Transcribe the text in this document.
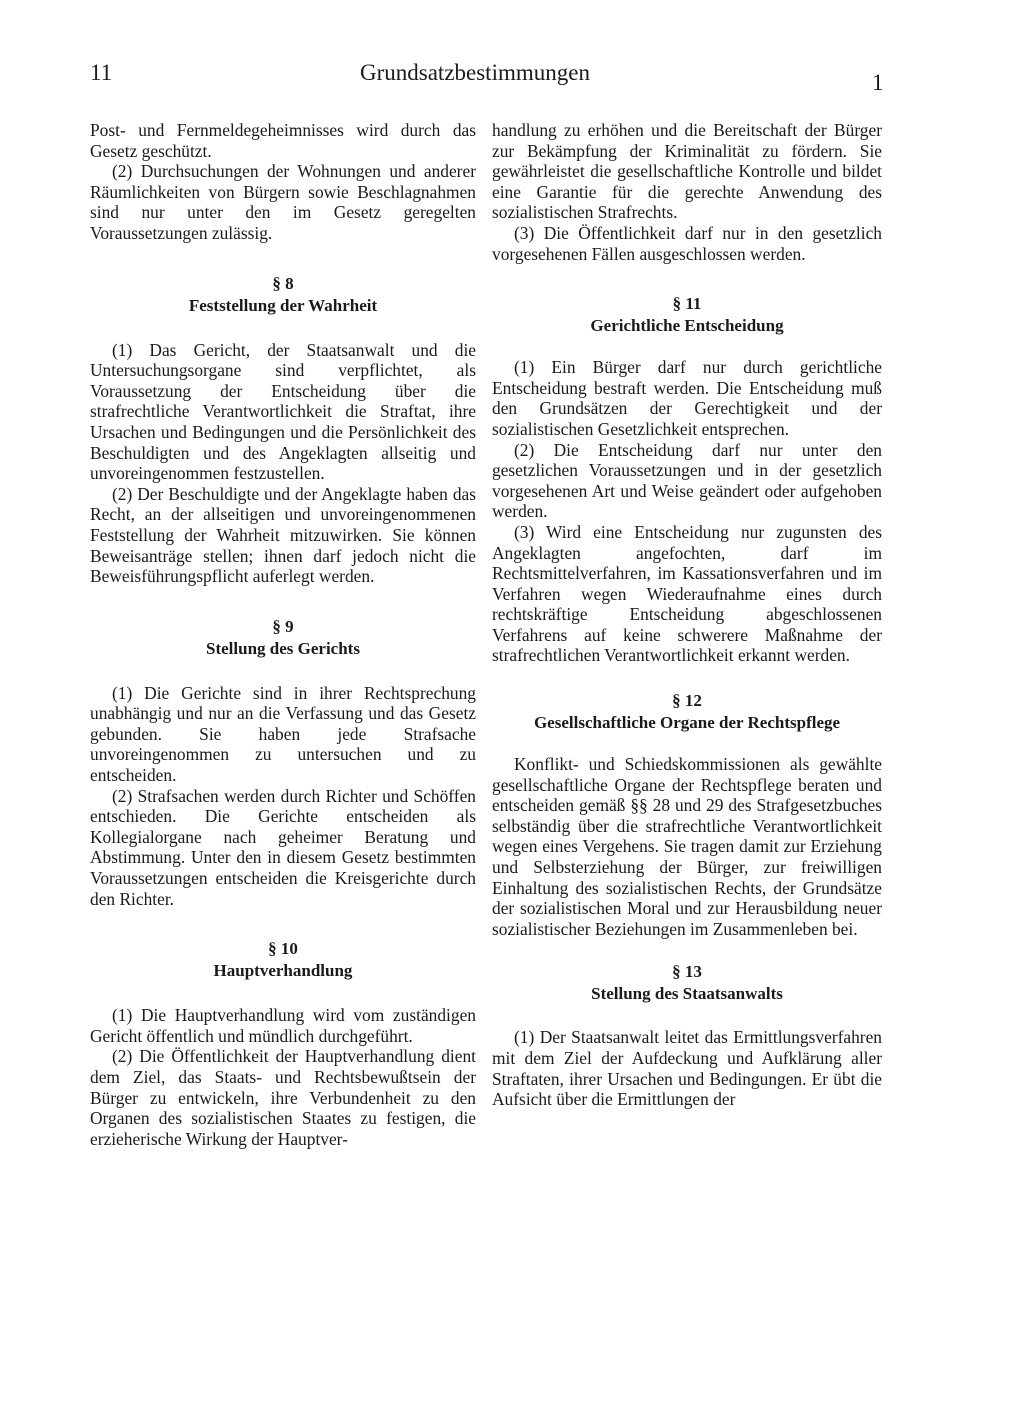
11	Grundsatzbestimmungen	1

Post- und Fernmeldegeheimnisses wird durch das Gesetz geschützt.

(2) Durchsuchungen der Wohnungen und anderer Räumlichkeiten von Bürgern sowie Beschlagnahmen sind nur unter den im Gesetz geregelten Voraussetzungen zulässig.

§ 8
Feststellung der Wahrheit

(1) Das Gericht, der Staatsanwalt und die Untersuchungsorgane sind verpflichtet, als Voraussetzung der Entscheidung über die strafrechtliche Verantwortlichkeit die Straftat, ihre Ursachen und Bedingungen und die Persönlichkeit des Beschuldigten und des Angeklagten allseitig und unvoreingenommen festzustellen.

(2) Der Beschuldigte und der Angeklagte haben das Recht, an der allseitigen und unvoreingenommenen Feststellung der Wahrheit mitzuwirken. Sie können Beweisanträge stellen; ihnen darf jedoch nicht die Beweisführungspflicht auferlegt werden.

§ 9
Stellung des Gerichts

(1) Die Gerichte sind in ihrer Rechtsprechung unabhängig und nur an die Verfassung und das Gesetz gebunden. Sie haben jede Strafsache unvoreingenommen zu untersuchen und zu entscheiden.

(2) Strafsachen werden durch Richter und Schöffen entschieden. Die Gerichte entscheiden als Kollegialorgane nach geheimer Beratung und Abstimmung. Unter den in diesem Gesetz bestimmten Voraussetzungen entscheiden die Kreisgerichte durch den Richter.

§ 10
Hauptverhandlung

(1) Die Hauptverhandlung wird vom zuständigen Gericht öffentlich und mündlich durchgeführt.

(2) Die Öffentlichkeit der Hauptverhandlung dient dem Ziel, das Staats- und Rechtsbewußtsein der Bürger zu entwickeln, ihre Verbundenheit zu den Organen des sozialistischen Staates zu festigen, die erzieherische Wirkung der Hauptver-

handlung zu erhöhen und die Bereitschaft der Bürger zur Bekämpfung der Kriminalität zu fördern. Sie gewährleistet die gesellschaftliche Kontrolle und bildet eine Garantie für die gerechte Anwendung des sozialistischen Strafrechts.

(3) Die Öffentlichkeit darf nur in den gesetzlich vorgesehenen Fällen ausgeschlossen werden.

§ 11
Gerichtliche Entscheidung

(1) Ein Bürger darf nur durch gerichtliche Entscheidung bestraft werden. Die Entscheidung muß den Grundsätzen der Gerechtigkeit und der sozialistischen Gesetzlichkeit entsprechen.

(2) Die Entscheidung darf nur unter den gesetzlichen Voraussetzungen und in der gesetzlich vorgesehenen Art und Weise geändert oder aufgehoben werden.

(3) Wird eine Entscheidung nur zugunsten des Angeklagten angefochten, darf im Rechtsmittelverfahren, im Kassationsverfahren und im Verfahren wegen Wiederaufnahme eines durch rechtskräftige Entscheidung abgeschlossenen Verfahrens auf keine schwerere Maßnahme der strafrechtlichen Verantwortlichkeit erkannt werden.

§ 12
Gesellschaftliche Organe der Rechtspflege

Konflikt- und Schiedskommissionen als gewählte gesellschaftliche Organe der Rechtspflege beraten und entscheiden gemäß §§ 28 und 29 des Strafgesetzbuches selbständig über die strafrechtliche Verantwortlichkeit wegen eines Vergehens. Sie tragen damit zur Erziehung und Selbsterziehung der Bürger, zur freiwilligen Einhaltung des sozialistischen Rechts, der Grundsätze der sozialistischen Moral und zur Herausbildung neuer sozialistischer Beziehungen im Zusammenleben bei.

§ 13
Stellung des Staatsanwalts

(1) Der Staatsanwalt leitet das Ermittlungsverfahren mit dem Ziel der Aufdeckung und Aufklärung aller Straftaten, ihrer Ursachen und Bedingungen. Er übt die Aufsicht über die Ermittlungen der
